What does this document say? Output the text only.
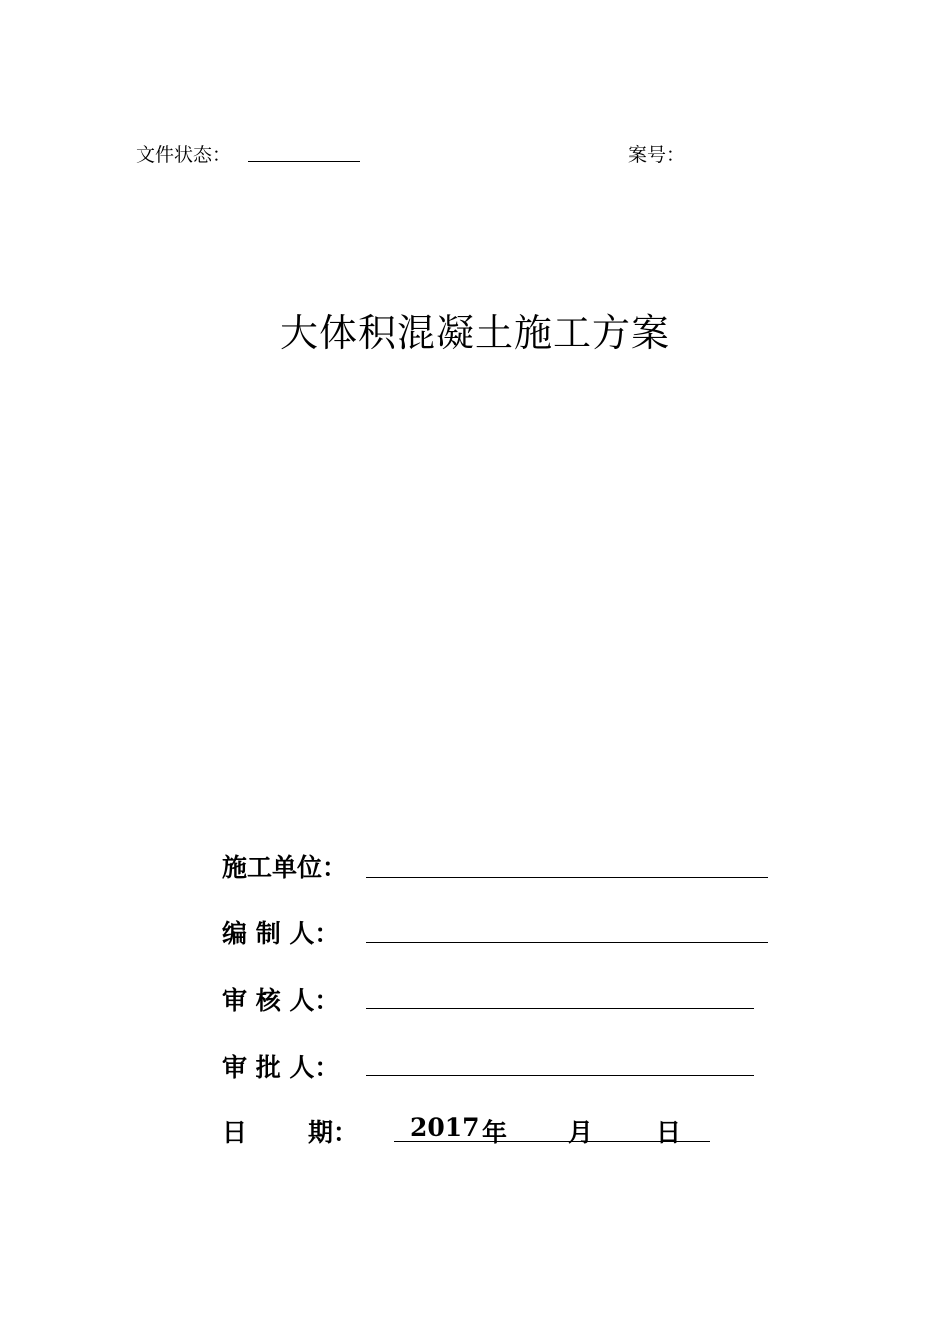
文件状态：	案号：
大体积混凝土施工方案
施工单位：
编 制 人：
审 核 人：
审 批 人：
日 期： 2017 年 月	日
